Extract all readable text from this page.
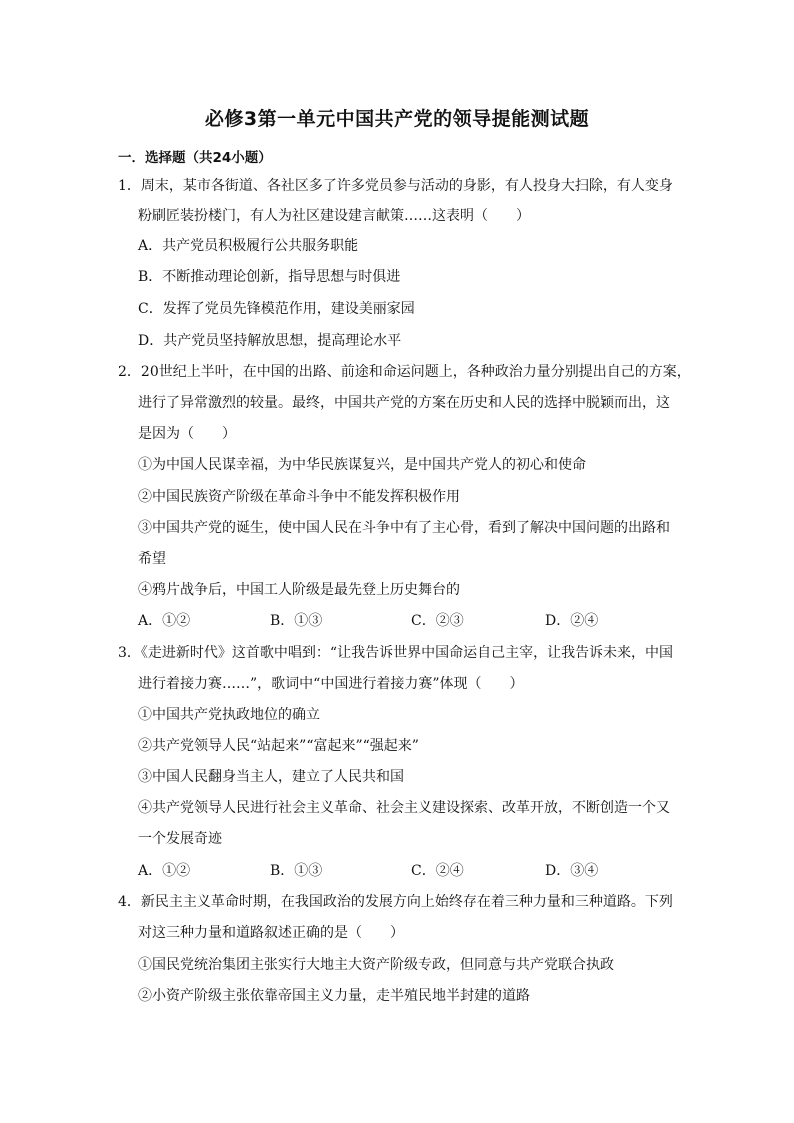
必修3第一单元中国共产党的领导提能测试题
一．选择题（共24小题）
1．周末，某市各街道、各社区多了许多党员参与活动的身影，有人投身大扫除，有人变身
粉刷匠装扮楼门，有人为社区建设建言献策……这表明（　　）
A．共产党员积极履行公共服务职能
B．不断推动理论创新，指导思想与时俱进
C．发挥了党员先锋模范作用，建设美丽家园
D．共产党员坚持解放思想，提高理论水平
2．20世纪上半叶，在中国的出路、前途和命运问题上，各种政治力量分别提出自己的方案，
进行了异常激烈的较量。最终，中国共产党的方案在历史和人民的选择中脱颖而出，这
是因为（　　）
①为中国人民谋幸福，为中华民族谋复兴，是中国共产党人的初心和使命
②中国民族资产阶级在革命斗争中不能发挥积极作用
③中国共产党的诞生，使中国人民在斗争中有了主心骨，看到了解决中国问题的出路和
希望
④鸦片战争后，中国工人阶级是最先登上历史舞台的
A．①②	B．①③	C．②③	D．②④
3．《走进新时代》这首歌中唱到：“让我告诉世界中国命运自己主宰，让我告诉未来，中国
进行着接力赛……”，歌词中“中国进行着接力赛”体现（　　）
①中国共产党执政地位的确立
②共产党领导人民“站起来”“富起来”“强起来”
③中国人民翻身当主人，建立了人民共和国
④共产党领导人民进行社会主义革命、社会主义建设探索、改革开放，不断创造一个又
一个发展奇迹
A．①②	B．①③	C．②④	D．③④
4．新民主主义革命时期，在我国政治的发展方向上始终存在着三种力量和三种道路。下列
对这三种力量和道路叙述正确的是（　　）
①国民党统治集团主张实行大地主大资产阶级专政，但同意与共产党联合执政
②小资产阶级主张依靠帝国主义力量，走半殖民地半封建的道路
